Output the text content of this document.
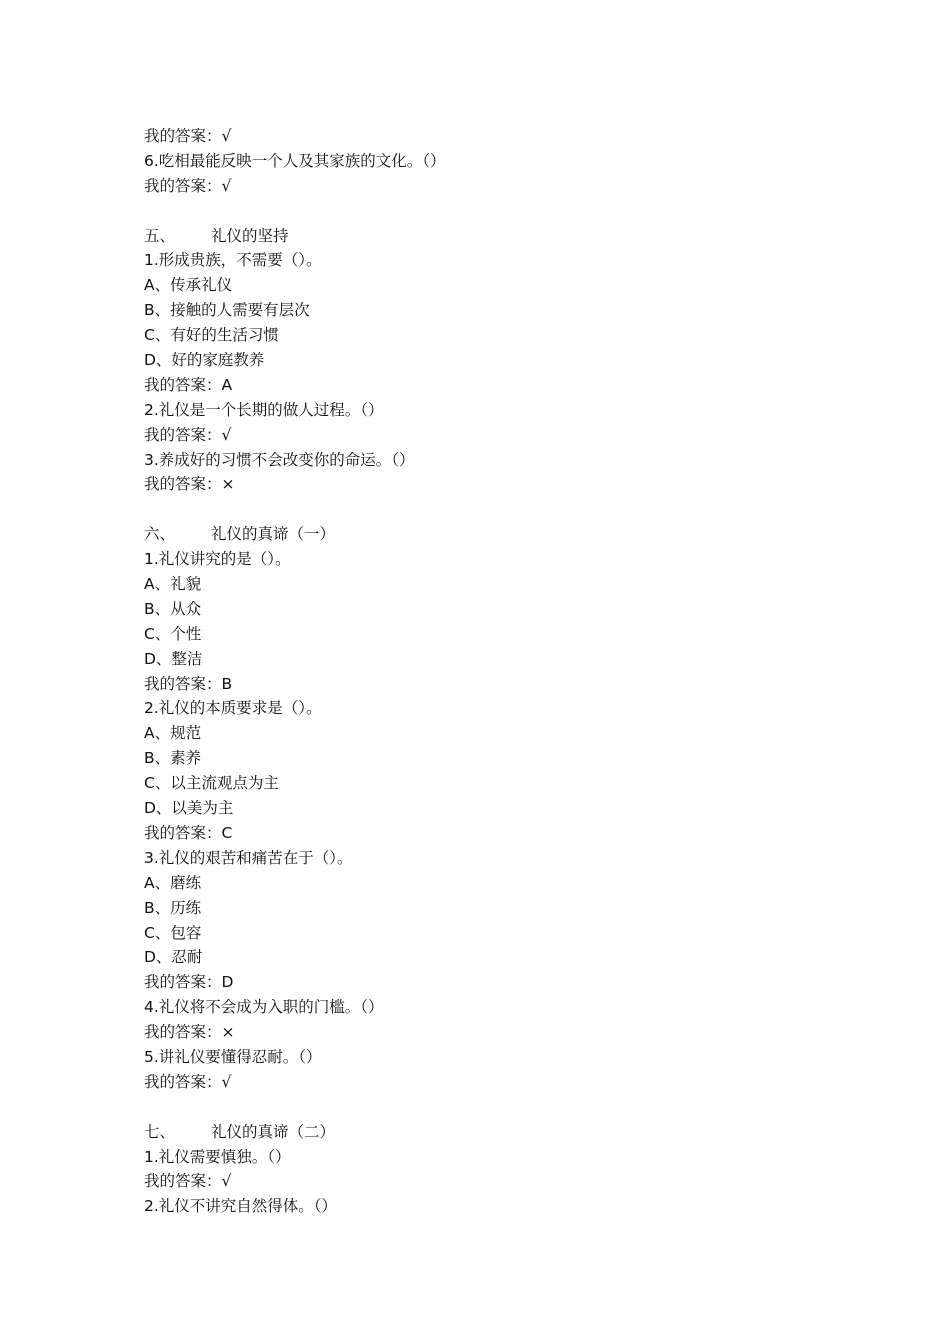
我的答案：√
6.吃相最能反映一个人及其家族的文化。（）
我的答案：√
五、 礼仪的坚持
1.形成贵族，不需要（）。
A、传承礼仪
B、接触的人需要有层次
C、有好的生活习惯
D、好的家庭教养
我的答案：A
2.礼仪是一个长期的做人过程。（）
我的答案：√
3.养成好的习惯不会改变你的命运。（）
我的答案：×
六、 礼仪的真谛（一）
1.礼仪讲究的是（）。
A、礼貌
B、从众
C、个性
D、整洁
我的答案：B
2.礼仪的本质要求是（）。
A、规范
B、素养
C、以主流观点为主
D、以美为主
我的答案：C
3.礼仪的艰苦和痛苦在于（）。
A、磨练
B、历练
C、包容
D、忍耐
我的答案：D
4.礼仪将不会成为入职的门槛。（）
我的答案：×
5.讲礼仪要懂得忍耐。（）
我的答案：√
七、 礼仪的真谛（二）
1.礼仪需要慎独。（）
我的答案：√
2.礼仪不讲究自然得体。（）
